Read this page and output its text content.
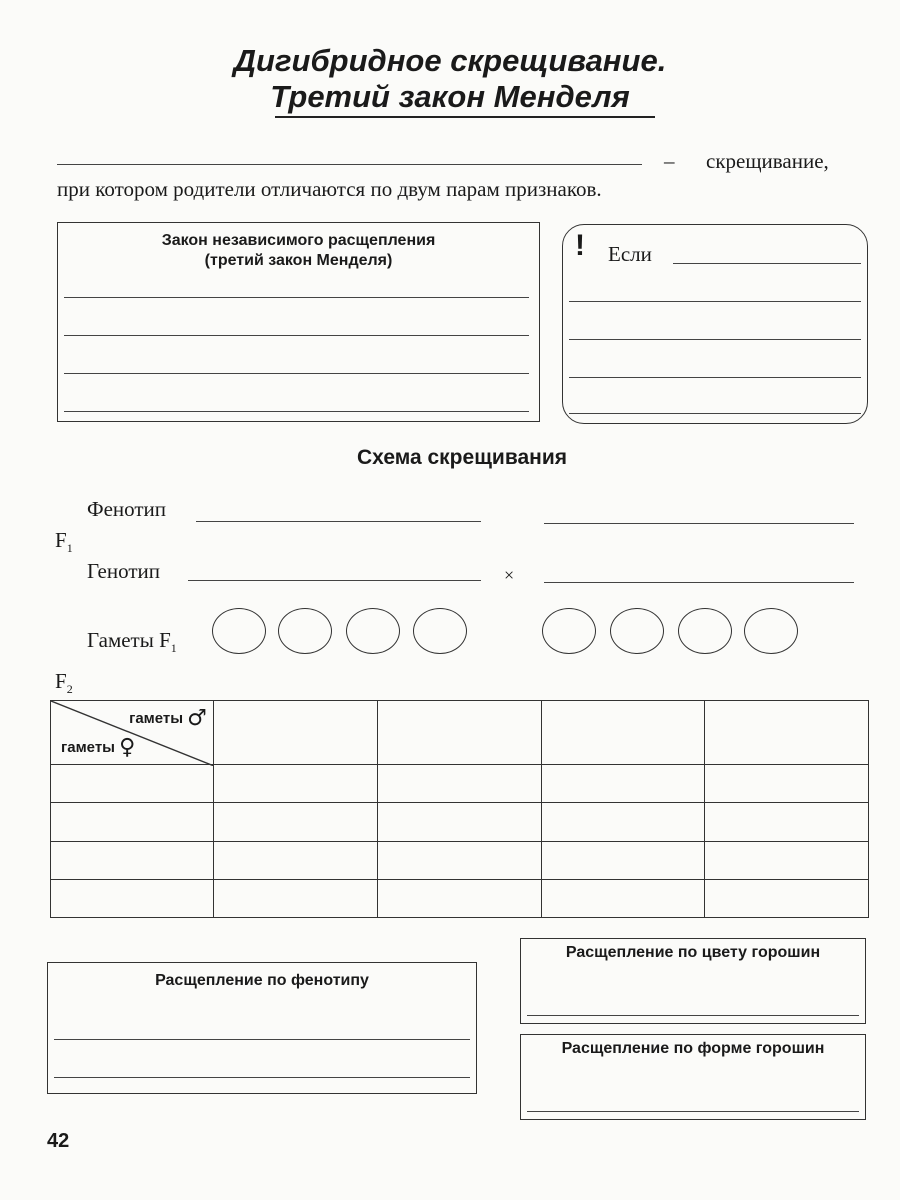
Дигибридное скрещивание.
Третий закон Менделя
– скрещивание,
при котором родители отличаются по двум парам признаков.
Закон независимого расщепления
(третий закон Менделя)	! Если
Схема скрещивания
Фенотип
$F_1$
Генотип	×
Гаметы $F_1$
$F_2$
гаметы ♂
гаметы ♀				

Расщепление по фенотипу
Расщепление по цвету горошин
Расщепление по форме горошин
42
